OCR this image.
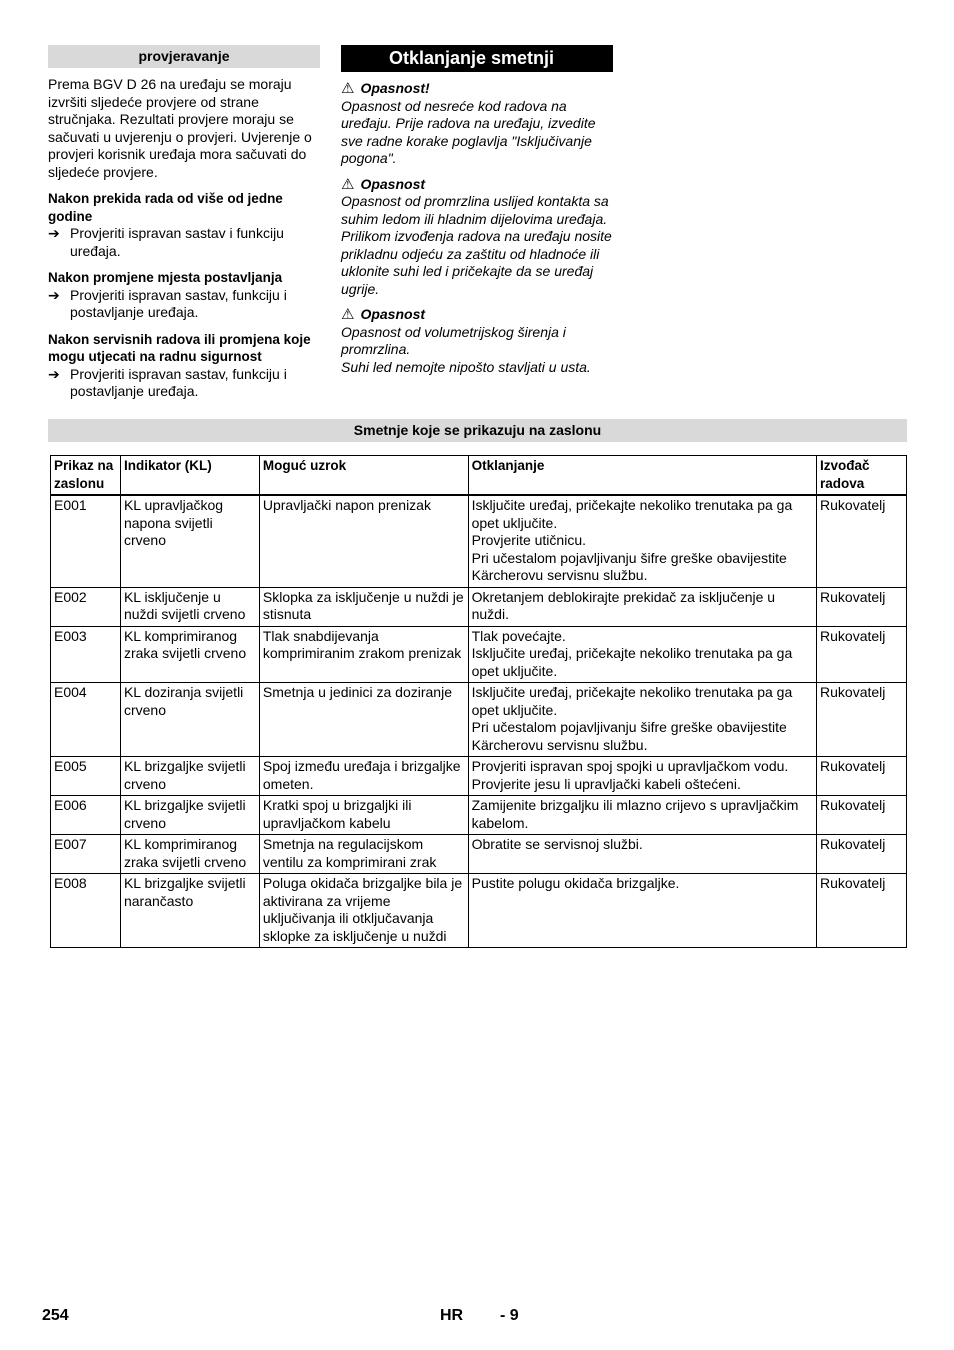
provjeravanje

Prema BGV D 26 na uređaju se moraju izvršiti sljedeće provjere od strane stručnjaka. Rezultati provjere moraju se sačuvati u uvjerenju o provjeri. Uvjerenje o provjeri korisnik uređaja mora sačuvati do sljedeće provjere.

Nakon prekida rada od više od jedne godine
➔ Provjeriti ispravan sastav i funkciju uređaja.
Nakon promjene mjesta postavljanja
➔ Provjeriti ispravan sastav, funkciju i postavljanje uređaja.
Nakon servisnih radova ili promjena koje mogu utjecati na radnu sigurnost
➔ Provjeriti ispravan sastav, funkciju i postavljanje uređaja.
Otklanjanje smetnji
⚠ Opasnost!
Opasnost od nesreće kod radova na uređaju. Prije radova na uređaju, izvedite sve radne korake poglavlja "Isključivanje pogona".
⚠ Opasnost
Opasnost od promrzlina uslijed kontakta sa suhim ledom ili hladnim dijelovima uređaja.
Prilikom izvođenja radova na uređaju nosite prikladnu odjeću za zaštitu od hladnoće ili uklonite suhi led i pričekajte da se uređaj ugrije.
⚠ Opasnost
Opasnost od volumetrijskog širenja i promrzlina.
Suhi led nemojte nipošto stavljati u usta.
Smetnje koje se prikazuju na zaslonu
Prikaz na zaslonu	Indikator (KL)	Moguć uzrok	Otklanjanje	Izvođač radova
E001	KL upravljačkog napona svijetli crveno	Upravljački napon prenizak	Isključite uređaj, pričekajte nekoliko trenutaka pa ga opet uključite.
Provjerite utičnicu.
Pri učestalom pojavljivanju šifre greške obavijestite Kärcherovu servisnu službu.	Rukovatelj
E002	KL isključenje u nuždi svijetli crveno	Sklopka za isključenje u nuždi je stisnuta	Okretanjem deblokirajte prekidač za isključenje u nuždi.	Rukovatelj
E003	KL komprimiranog zraka svijetli crveno	Tlak snabdijevanja komprimiranim zrakom prenizak	Tlak povećajte.
Isključite uređaj, pričekajte nekoliko trenutaka pa ga opet uključite.	Rukovatelj
E004	KL doziranja svijetli crveno	Smetnja u jedinici za doziranje	Isključite uređaj, pričekajte nekoliko trenutaka pa ga opet uključite.
Pri učestalom pojavljivanju šifre greške obavijestite Kärcherovu servisnu službu.	Rukovatelj
E005	KL brizgaljke svijetli crveno	Spoj između uređaja i brizgaljke ometen.	Provjeriti ispravan spoj spojki u upravljačkom vodu.
Provjerite jesu li upravljački kabeli oštećeni.	Rukovatelj
E006	KL brizgaljke svijetli crveno	Kratki spoj u brizgaljki ili upravljačkom kabelu	Zamijenite brizgaljku ili mlazno crijevo s upravljačkim kabelom.	Rukovatelj
E007	KL komprimiranog zraka svijetli crveno	Smetnja na regulacijskom ventilu za komprimirani zrak	Obratite se servisnoj službi.	Rukovatelj
E008	KL brizgaljke svijetli narančasto	Poluga okidača brizgaljke bila je aktivirana za vrijeme uključivanja ili otključavanja sklopke za isključenje u nuždi	Pustite polugu okidača brizgaljke.	Rukovatelj
254	HR - 9
